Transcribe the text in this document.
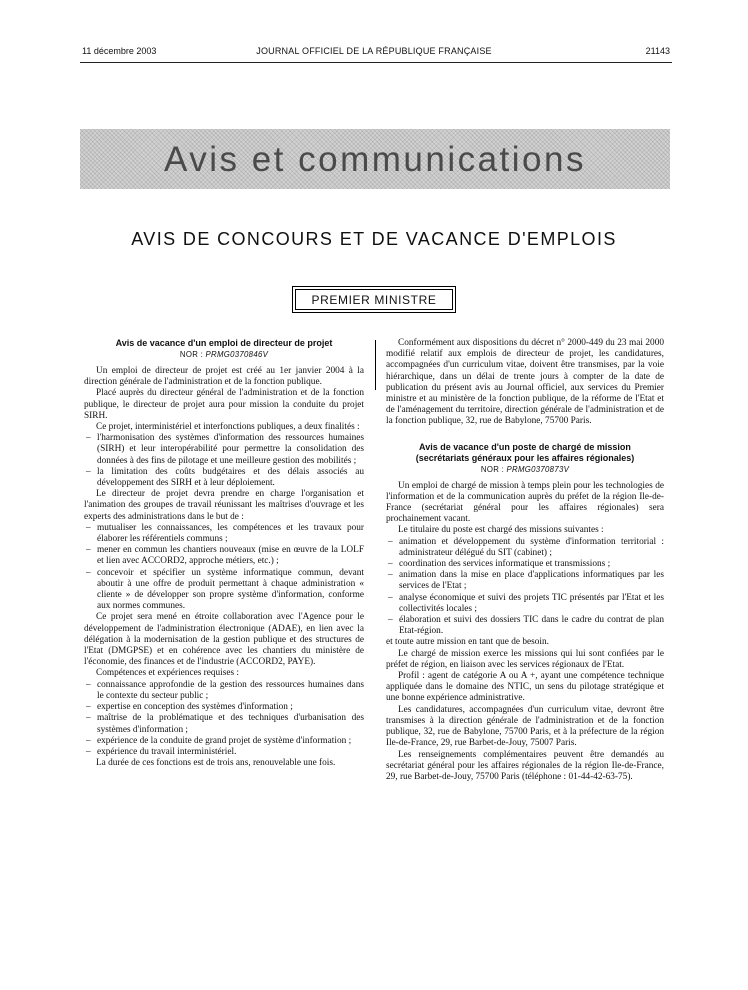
11 décembre 2003	JOURNAL OFFICIEL DE LA RÉPUBLIQUE FRANÇAISE	21143
Avis et communications
AVIS DE CONCOURS ET DE VACANCE D'EMPLOIS
PREMIER MINISTRE
Avis de vacance d'un emploi de directeur de projet
NOR : PRMG0370846V

Un emploi de directeur de projet est créé au 1er janvier 2004 à la direction générale de l'administration et de la fonction publique.

Placé auprès du directeur général de l'administration et de la fonction publique, le directeur de projet aura pour mission la conduite du projet SIRH.

Ce projet, interministériel et interfonctions publiques, a deux finalités :

– l'harmonisation des systèmes d'information des ressources humaines (SIRH) et leur interopérabilité pour permettre la consolidation des données à des fins de pilotage et une meilleure gestion des mobilités ;
– la limitation des coûts budgétaires et des délais associés au développement des SIRH et à leur déploiement.

Le directeur de projet devra prendre en charge l'organisation et l'animation des groupes de travail réunissant les maîtrises d'ouvrage et les experts des administrations dans le but de :

– mutualiser les connaissances, les compétences et les travaux pour élaborer les référentiels communs ;
– mener en commun les chantiers nouveaux (mise en œuvre de la LOLF et lien avec ACCORD2, approche métiers, etc.) ;
– concevoir et spécifier un système informatique commun, devant aboutir à une offre de produit permettant à chaque administration « cliente » de développer son propre système d'information, conforme aux normes communes.

Ce projet sera mené en étroite collaboration avec l'Agence pour le développement de l'administration électronique (ADAE), en lien avec la délégation à la modernisation de la gestion publique et des structures de l'Etat (DMGPSE) et en cohérence avec les chantiers du ministère de l'économie, des finances et de l'industrie (ACCORD2, PAYE).

Compétences et expériences requises :

– connaissance approfondie de la gestion des ressources humaines dans le contexte du secteur public ;
– expertise en conception des systèmes d'information ;
– maîtrise de la problématique et des techniques d'urbanisation des systèmes d'information ;
– expérience de la conduite de grand projet de système d'information ;
– expérience du travail interministériel.

La durée de ces fonctions est de trois ans, renouvelable une fois.

Conformément aux dispositions du décret n° 2000-449 du 23 mai 2000 modifié relatif aux emplois de directeur de projet, les candidatures, accompagnées d'un curriculum vitae, doivent être transmises, par la voie hiérarchique, dans un délai de trente jours à compter de la date de publication du présent avis au Journal officiel, aux services du Premier ministre et au ministère de la fonction publique, de la réforme de l'Etat et de l'aménagement du territoire, direction générale de l'administration et de la fonction publique, 32, rue de Babylone, 75700 Paris.

Avis de vacance d'un poste de chargé de mission
(secrétariats généraux pour les affaires régionales)
NOR : PRMG0370873V

Un emploi de chargé de mission à temps plein pour les technologies de l'information et de la communication auprès du préfet de la région Ile-de-France (secrétariat général pour les affaires régionales) sera prochainement vacant.

Le titulaire du poste est chargé des missions suivantes :

– animation et développement du système d'information territorial : administrateur délégué du SIT (cabinet) ;
– coordination des services informatique et transmissions ;
– animation dans la mise en place d'applications informatiques par les services de l'Etat ;
– analyse économique et suivi des projets TIC présentés par l'Etat et les collectivités locales ;
– élaboration et suivi des dossiers TIC dans le cadre du contrat de plan Etat-région.

et toute autre mission en tant que de besoin.

Le chargé de mission exerce les missions qui lui sont confiées par le préfet de région, en liaison avec les services régionaux de l'Etat.

Profil : agent de catégorie A ou A +, ayant une compétence technique appliquée dans le domaine des NTIC, un sens du pilotage stratégique et une bonne expérience administrative.

Les candidatures, accompagnées d'un curriculum vitae, devront être transmises à la direction générale de l'administration et de la fonction publique, 32, rue de Babylone, 75700 Paris, et à la préfecture de la région Ile-de-France, 29, rue Barbet-de-Jouy, 75007 Paris.

Les renseignements complémentaires peuvent être demandés au secrétariat général pour les affaires régionales de la région Ile-de-France, 29, rue Barbet-de-Jouy, 75700 Paris (téléphone : 01-44-42-63-75).
